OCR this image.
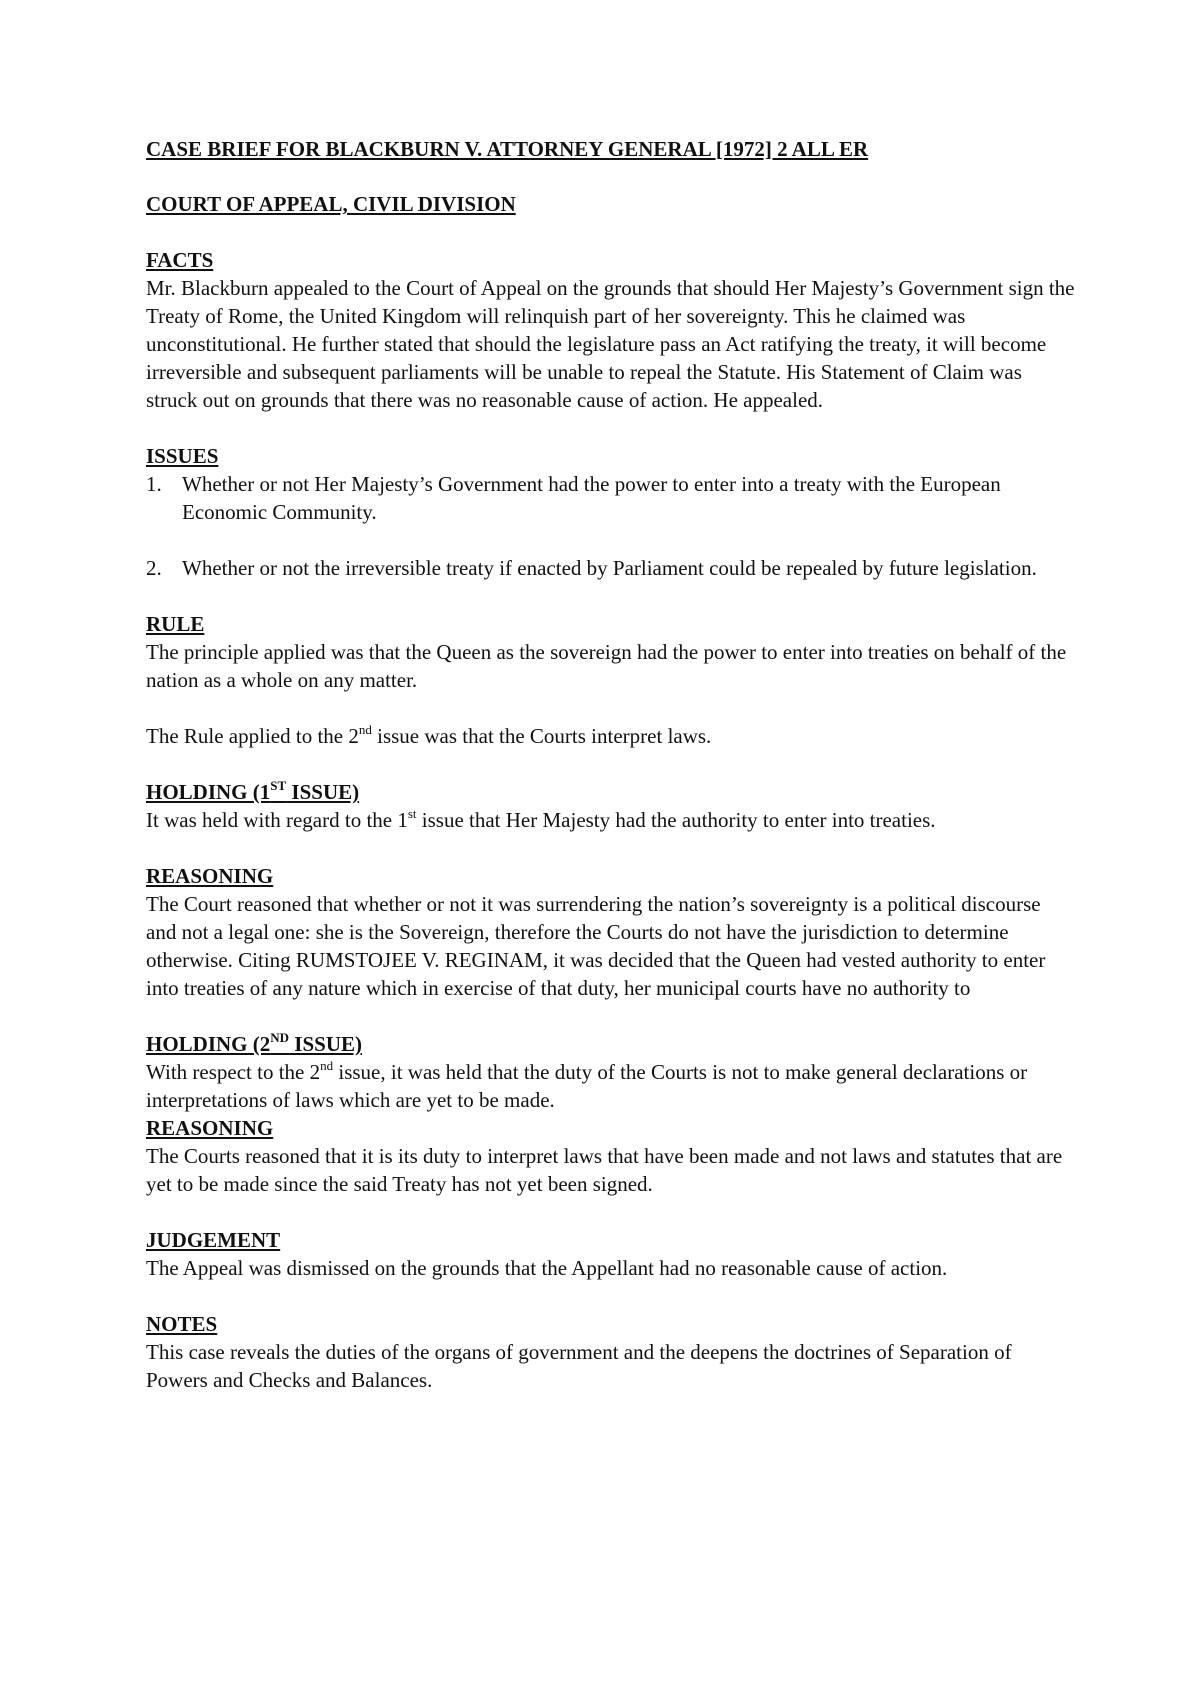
CASE BRIEF FOR BLACKBURN V. ATTORNEY GENERAL [1972] 2 ALL ER

COURT OF APPEAL, CIVIL DIVISION

FACTS

Mr. Blackburn appealed to the Court of Appeal on the grounds that should Her Majesty’s Government sign the Treaty of Rome, the United Kingdom will relinquish part of her sovereignty. This he claimed was unconstitutional. He further stated that should the legislature pass an Act ratifying the treaty, it will become irreversible and subsequent parliaments will be unable to repeal the Statute. His Statement of Claim was struck out on grounds that there was no reasonable cause of action. He appealed.

ISSUES

1. Whether or not Her Majesty’s Government had the power to enter into a treaty with the European Economic Community.
2. Whether or not the irreversible treaty if enacted by Parliament could be repealed by future legislation.

RULE

The principle applied was that the Queen as the sovereign had the power to enter into treaties on behalf of the nation as a whole on any matter.

The Rule applied to the 2nd issue was that the Courts interpret laws.

HOLDING (1ST ISSUE)

It was held with regard to the 1st issue that Her Majesty had the authority to enter into treaties.

REASONING

The Court reasoned that whether or not it was surrendering the nation’s sovereignty is a political discourse and not a legal one: she is the Sovereign, therefore the Courts do not have the jurisdiction to determine otherwise. Citing RUMSTOJEE V. REGINAM, it was decided that the Queen had vested authority to enter into treaties of any nature which in exercise of that duty, her municipal courts have no authority to

HOLDING (2ND ISSUE)

With respect to the 2nd issue, it was held that the duty of the Courts is not to make general declarations or interpretations of laws which are yet to be made.

REASONING

The Courts reasoned that it is its duty to interpret laws that have been made and not laws and statutes that are yet to be made since the said Treaty has not yet been signed.

JUDGEMENT

The Appeal was dismissed on the grounds that the Appellant had no reasonable cause of action.

NOTES

This case reveals the duties of the organs of government and the deepens the doctrines of Separation of Powers and Checks and Balances.
